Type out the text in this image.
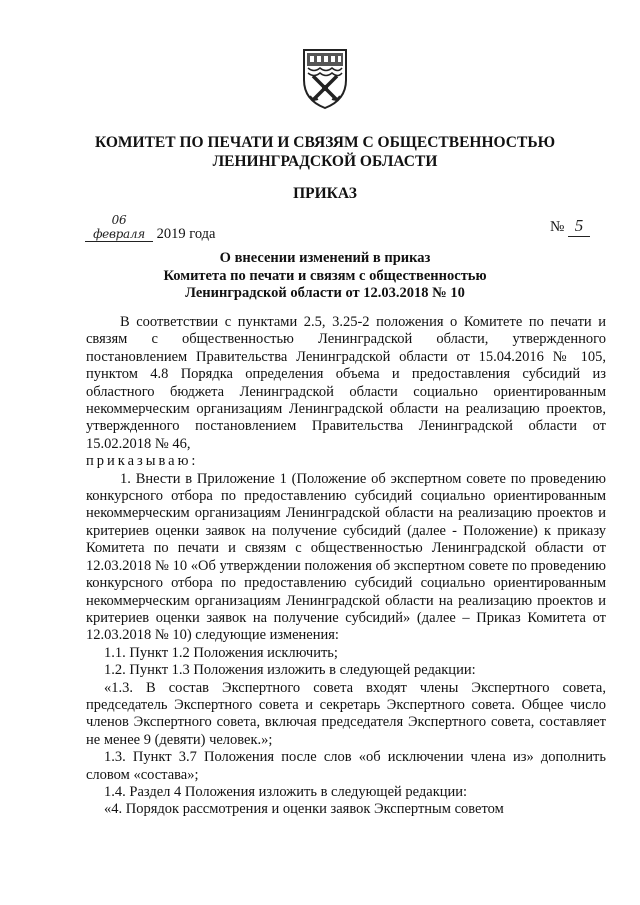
КОМИТЕТ ПО ПЕЧАТИ И СВЯЗЯМ С ОБЩЕСТВЕННОСТЬЮ
ЛЕНИНГРАДСКОЙ ОБЛАСТИ
ПРИКАЗ
06 февраля 2019 года	№ 5
О внесении изменений в приказ
Комитета по печати и связям с общественностью
Ленинградской области от 12.03.2018 № 10

В соответствии с пунктами 2.5, 3.25-2 положения о Комитете по печати и связям с общественностью Ленинградской области, утвержденного постановлением Правительства Ленинградской области от 15.04.2016 № 105, пунктом 4.8 Порядка определения объема и предоставления субсидий из областного бюджета Ленинградской области социально ориентированным некоммерческим организациям Ленинградской области на реализацию проектов, утвержденного постановлением Правительства Ленинградской области от 15.02.2018 № 46,

приказываю:

1. Внести в Приложение 1 (Положение об экспертном совете по проведению конкурсного отбора по предоставлению субсидий социально ориентированным некоммерческим организациям Ленинградской области на реализацию проектов и критериев оценки заявок на получение субсидий (далее - Положение) к приказу Комитета по печати и связям с общественностью Ленинградской области от 12.03.2018 № 10 «Об утверждении положения об экспертном совете по проведению конкурсного отбора по предоставлению субсидий социально ориентированным некоммерческим организациям Ленинградской области на реализацию проектов и критериев оценки заявок на получение субсидий» (далее – Приказ Комитета от 12.03.2018 № 10) следующие изменения:

1.1. Пункт 1.2 Положения исключить;

1.2. Пункт 1.3 Положения изложить в следующей редакции:

«1.3. В состав Экспертного совета входят члены Экспертного совета, председатель Экспертного совета и секретарь Экспертного совета. Общее число членов Экспертного совета, включая председателя Экспертного совета, составляет не менее 9 (девяти) человек.»;

1.3. Пункт 3.7 Положения после слов «об исключении члена из» дополнить словом «состава»;

1.4. Раздел 4 Положения изложить в следующей редакции:

«4. Порядок рассмотрения и оценки заявок Экспертным советом
